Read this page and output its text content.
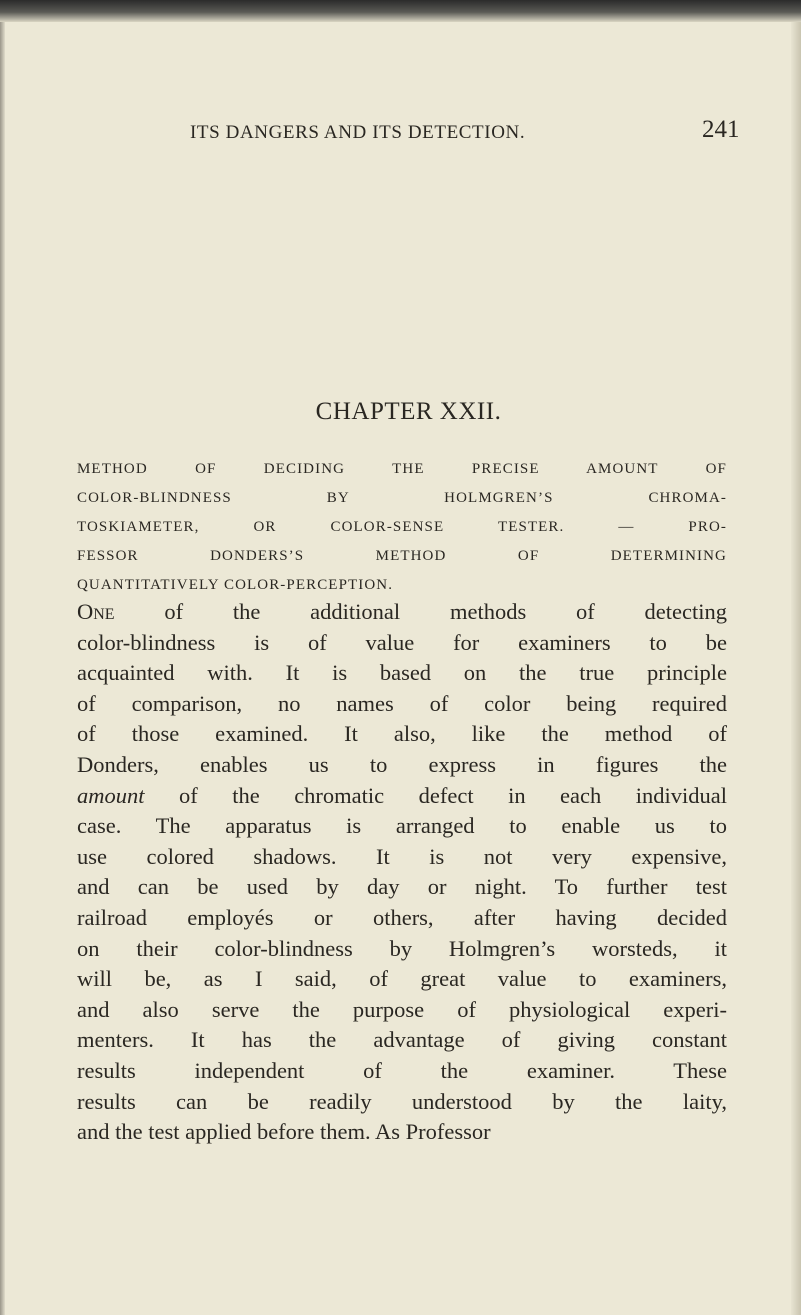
ITS DANGERS AND ITS DETECTION.	241
CHAPTER XXII.
METHOD OF DECIDING THE PRECISE AMOUNT OF
COLOR-BLINDNESS BY HOLMGREN’S CHROMA-
TOSKIAMETER, OR COLOR-SENSE TESTER. — PRO-
FESSOR DONDERS’S METHOD OF DETERMINING
QUANTITATIVELY COLOR-PERCEPTION.
One of the additional methods of detecting
color-blindness is of value for examiners to be
acquainted with. It is based on the true principle
of comparison, no names of color being required
of those examined. It also, like the method of
Donders, enables us to express in figures the
amount of the chromatic defect in each individual
case. The apparatus is arranged to enable us to
use colored shadows. It is not very expensive,
and can be used by day or night. To further test
railroad employés or others, after having decided
on their color-blindness by Holmgren’s worsteds, it
will be, as I said, of great value to examiners,
and also serve the purpose of physiological experi-
menters. It has the advantage of giving constant
results independent of the examiner. These
results can be readily understood by the laity,
and the test applied before them. As Professor
